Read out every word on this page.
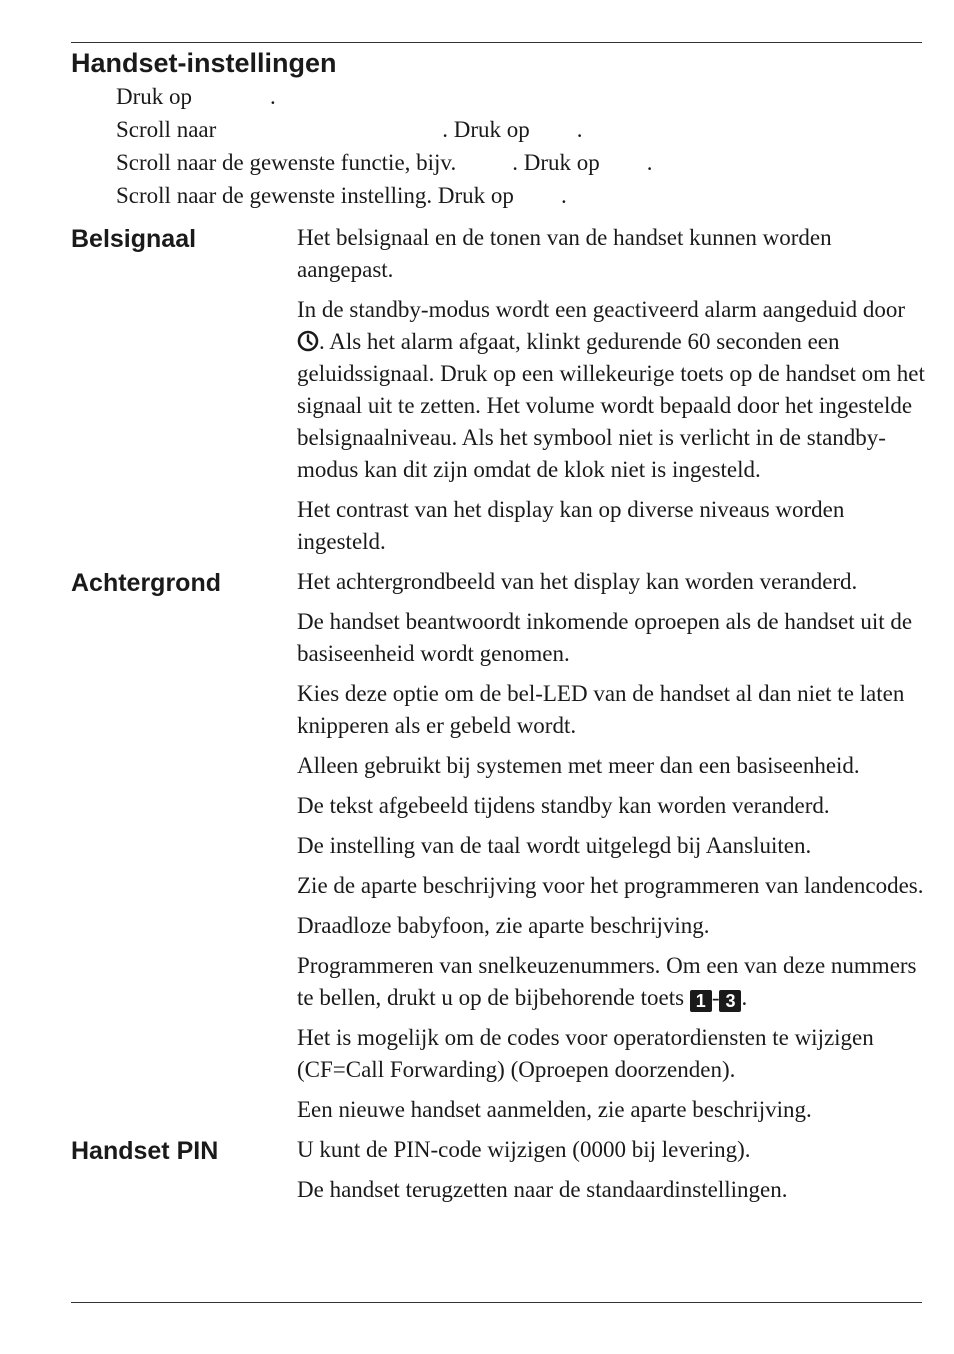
Handset-instellingen
Druk op	.
Scroll naar	. Druk op .
Scroll naar de gewenste functie, bijv. . Druk op .
Scroll naar de gewenste instelling. Druk op .
Belsignaal	Het belsignaal en de tonen van de handset kunnen worden aangepast.
In de standby-modus wordt een geactiveerd alarm aangeduid door. Als het alarm afgaat, klinkt gedurende 60 seconden een geluidssignaal. Druk op een willekeurige toets op de handset om het signaal uit te zetten. Het volume wordt bepaald door het ingestelde belsignaalniveau. Als het symbool niet is verlicht in de standby-modus kan dit zijn omdat de klok niet is ingesteld.
Het contrast van het display kan op diverse niveaus worden ingesteld.
Achtergrond	Het achtergrondbeeld van het display kan worden veranderd.
De handset beantwoordt inkomende oproepen als de handset uit de basiseenheid wordt genomen.
Kies deze optie om de bel-LED van de handset al dan niet te laten knipperen als er gebeld wordt.
Alleen gebruikt bij systemen met meer dan een basiseenheid.
De tekst afgebeeld tijdens standby kan worden veranderd.
De instelling van de taal wordt uitgelegd bij Aansluiten.
Zie de aparte beschrijving voor het programmeren van landencodes.
Draadloze babyfoon, zie aparte beschrijving.
Programmeren van snelkeuzenummers. Om een van deze nummers te bellen, drukt u op de bijbehorende toets 1 - 3 .
Het is mogelijk om de codes voor operatordiensten te wijzigen (CF=Call Forwarding) (Oproepen doorzenden).
Een nieuwe handset aanmelden, zie aparte beschrijving.
Handset PIN	U kunt de PIN-code wijzigen (0000 bij levering).
De handset terugzetten naar de standaardinstellingen.
